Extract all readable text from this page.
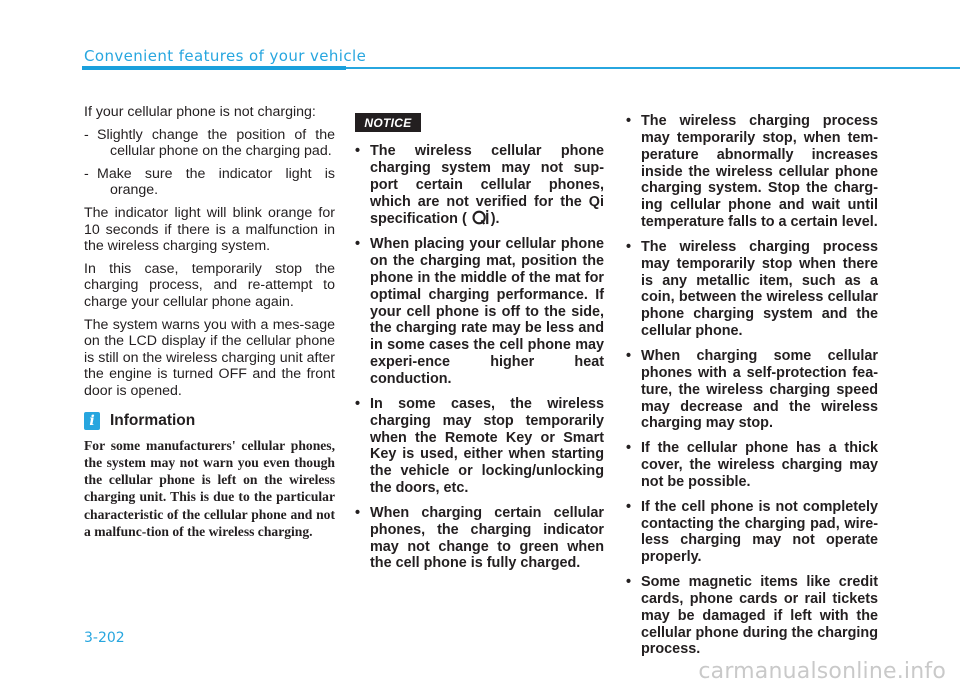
Convenient features of your vehicle

If your cellular phone is not charging:

- Slightly change the position of the cellular phone on the charging pad.
- Make sure the indicator light is orange.

The indicator light will blink orange for 10 seconds if there is a malfunction in the wireless charging system.

In this case, temporarily stop the charging process, and re-attempt to charge your cellular phone again.

The system warns you with a mes-sage on the LCD display if the cellular phone is still on the wireless charging unit after the engine is turned OFF and the front door is opened.

i Information

For some manufacturers' cellular phones, the system may not warn you even though the cellular phone is left on the wireless charging unit. This is due to the particular characteristic of the cellular phone and not a malfunc-tion of the wireless charging.

NOTICE
• The wireless cellular phone charging system may not sup-port certain cellular phones, which are not verified for the Qi specification ( ).
• When placing your cellular phone on the charging mat, position the phone in the middle of the mat for optimal charging performance. If your cell phone is off to the side, the charging rate may be less and in some cases the cell phone may experi-ence higher heat conduction.
• In some cases, the wireless charging may stop temporarily when the Remote Key or Smart Key is used, either when starting the vehicle or locking/unlocking the doors, etc.
• When charging certain cellular phones, the charging indicator may not change to green when the cell phone is fully charged.
• The wireless charging process may temporarily stop, when tem-perature abnormally increases inside the wireless cellular phone charging system. Stop the charg-ing cellular phone and wait until temperature falls to a certain level.
• The wireless charging process may temporarily stop when there is any metallic item, such as a coin, between the wireless cellular phone charging system and the cellular phone.
• When charging some cellular phones with a self-protection fea-ture, the wireless charging speed may decrease and the wireless charging may stop.
• If the cellular phone has a thick cover, the wireless charging may not be possible.
• If the cell phone is not completely contacting the charging pad, wire-less charging may not operate properly.
• Some magnetic items like credit cards, phone cards or rail tickets may be damaged if left with the cellular phone during the charging process.
3-202
carmanualsonline.info
